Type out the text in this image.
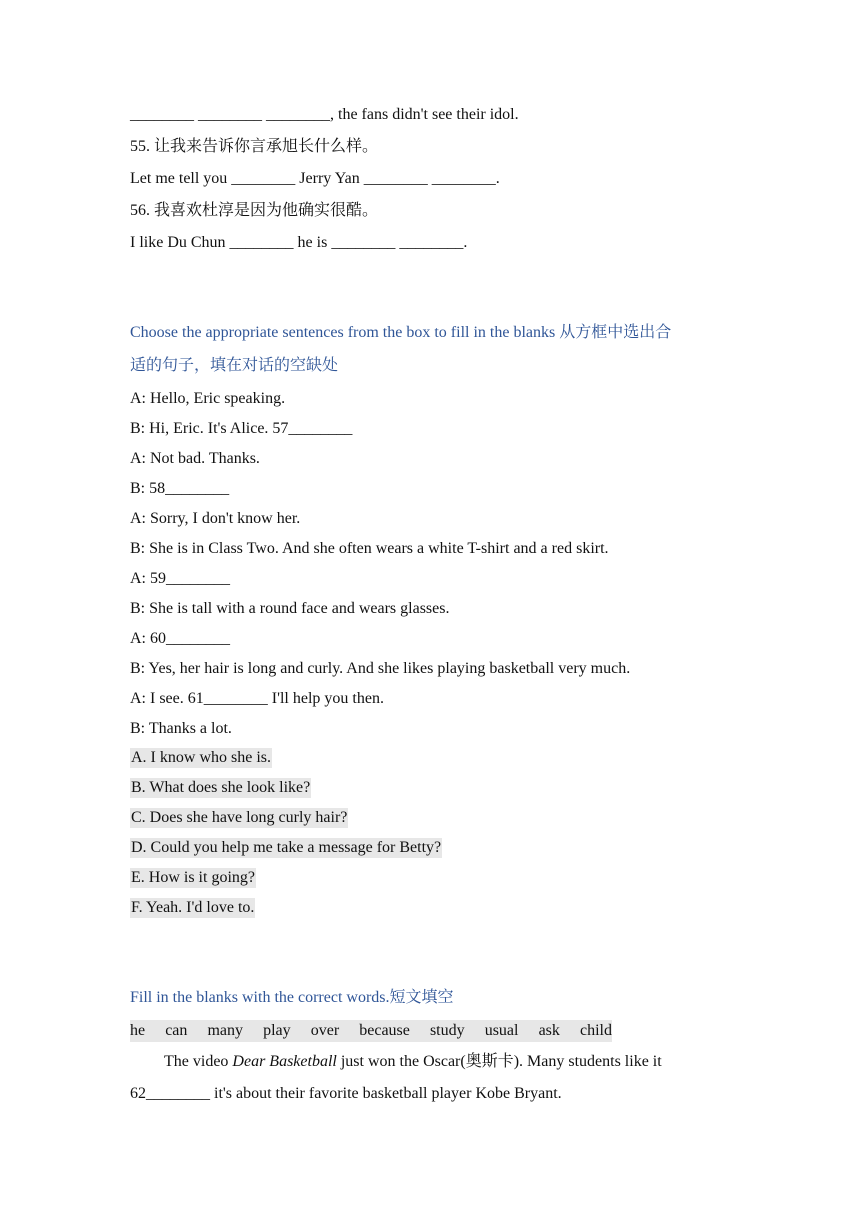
________ ________ ________, the fans didn't see their idol.
55. 让我来告诉你言承旭长什么样。
Let me tell you ________ Jerry Yan ________ ________.
56. 我喜欢杜淳是因为他确实很酷。
I like Du Chun ________ he is ________ ________.
Choose the appropriate sentences from the box to fill in the blanks 从方框中选出合
适的句子，填在对话的空缺处
A: Hello, Eric speaking.
B: Hi, Eric. It's Alice. 57________
A: Not bad. Thanks.
B: 58________
A: Sorry, I don't know her.
B: She is in Class Two. And she often wears a white T-shirt and a red skirt.
A: 59________
B: She is tall with a round face and wears glasses.
A: 60________
B: Yes, her hair is long and curly. And she likes playing basketball very much.
A: I see. 61________ I'll help you then.
B: Thanks a lot.
A. I know who she is.
B. What does she look like?
C. Does she have long curly hair?
D. Could you help me take a message for Betty?
E. How is it going?
F. Yeah. I'd love to.
Fill in the blanks with the correct words.短文填空
he can many play over because study usual ask child
The video Dear Basketball just won the Oscar(奥斯卡). Many students like it
62________ it's about their favorite basketball player Kobe Bryant.
